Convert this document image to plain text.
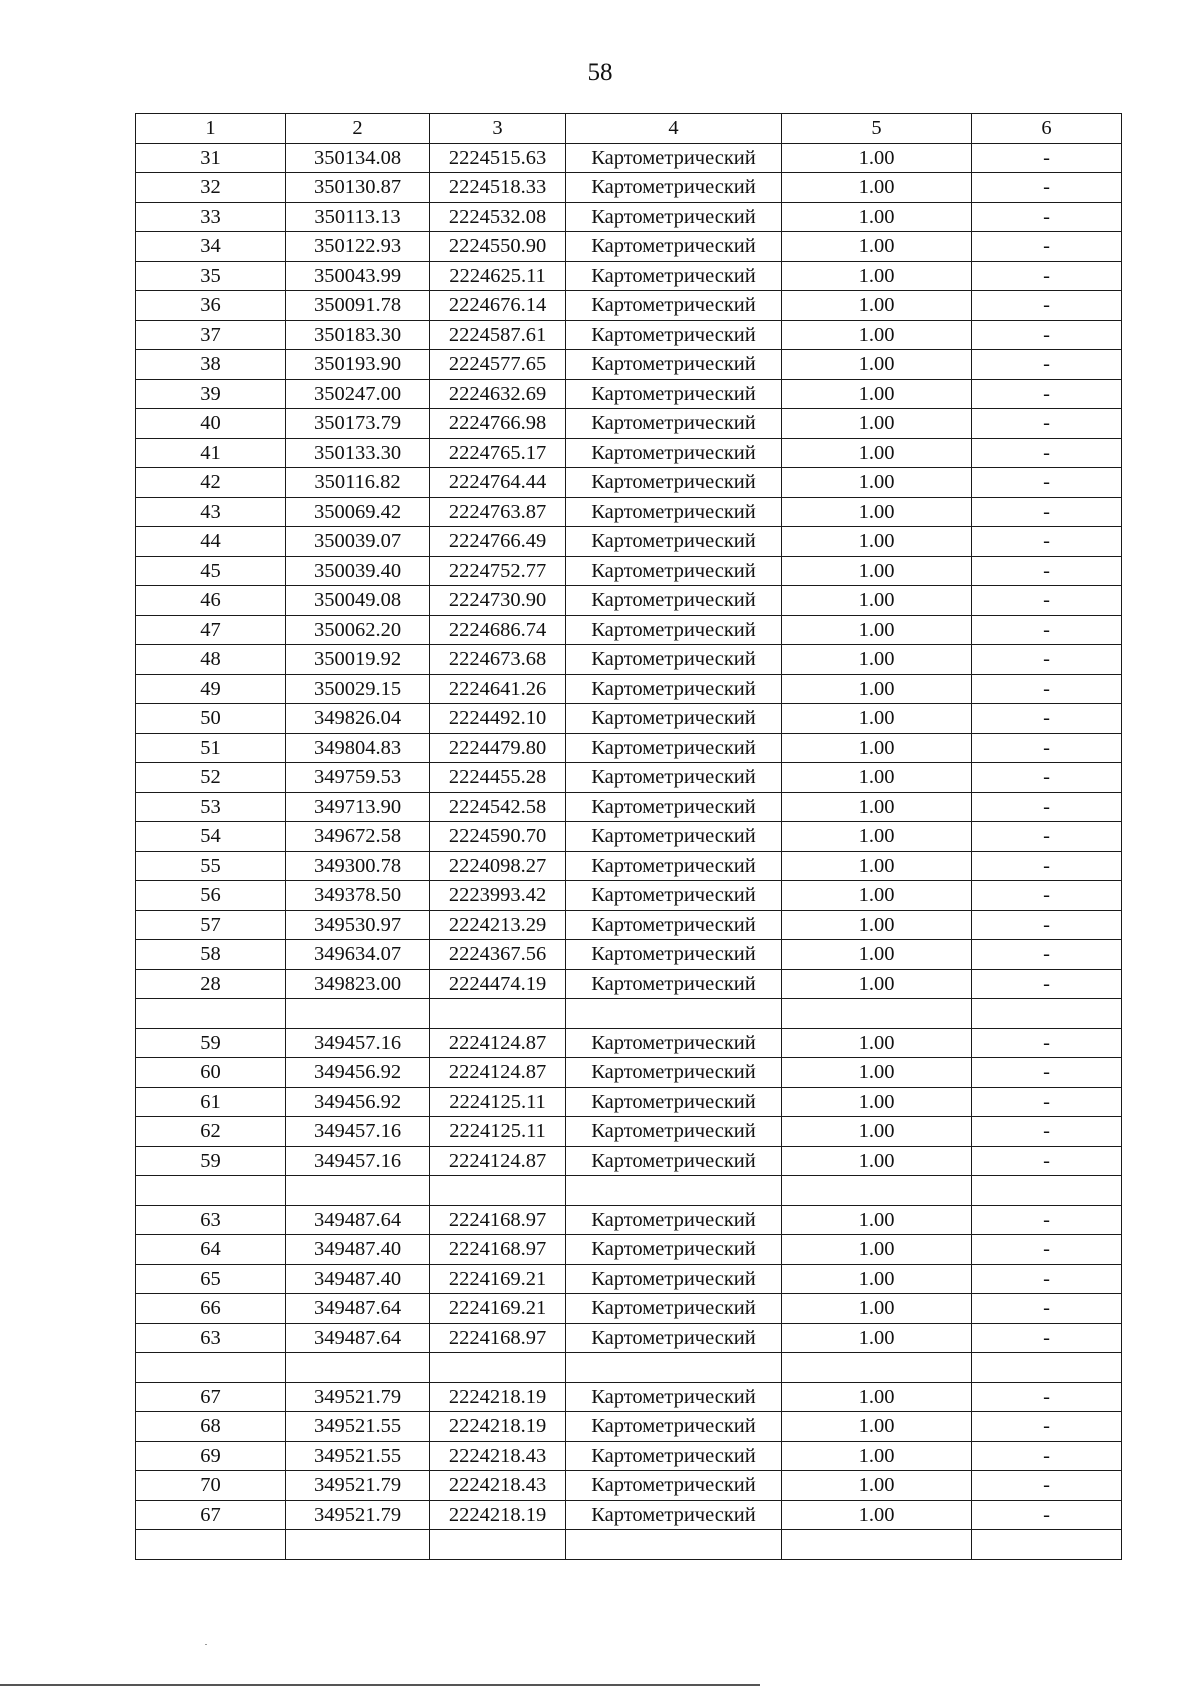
58
1	2	3	4	5	6
31	350134.08	2224515.63	Картометрический	1.00	-
32	350130.87	2224518.33	Картометрический	1.00	-
33	350113.13	2224532.08	Картометрический	1.00	-
34	350122.93	2224550.90	Картометрический	1.00	-
35	350043.99	2224625.11	Картометрический	1.00	-
36	350091.78	2224676.14	Картометрический	1.00	-
37	350183.30	2224587.61	Картометрический	1.00	-
38	350193.90	2224577.65	Картометрический	1.00	-
39	350247.00	2224632.69	Картометрический	1.00	-
40	350173.79	2224766.98	Картометрический	1.00	-
41	350133.30	2224765.17	Картометрический	1.00	-
42	350116.82	2224764.44	Картометрический	1.00	-
43	350069.42	2224763.87	Картометрический	1.00	-
44	350039.07	2224766.49	Картометрический	1.00	-
45	350039.40	2224752.77	Картометрический	1.00	-
46	350049.08	2224730.90	Картометрический	1.00	-
47	350062.20	2224686.74	Картометрический	1.00	-
48	350019.92	2224673.68	Картометрический	1.00	-
49	350029.15	2224641.26	Картометрический	1.00	-
50	349826.04	2224492.10	Картометрический	1.00	-
51	349804.83	2224479.80	Картометрический	1.00	-
52	349759.53	2224455.28	Картометрический	1.00	-
53	349713.90	2224542.58	Картометрический	1.00	-
54	349672.58	2224590.70	Картометрический	1.00	-
55	349300.78	2224098.27	Картометрический	1.00	-
56	349378.50	2223993.42	Картометрический	1.00	-
57	349530.97	2224213.29	Картометрический	1.00	-
58	349634.07	2224367.56	Картометрический	1.00	-
28	349823.00	2224474.19	Картометрический	1.00	-

59	349457.16	2224124.87	Картометрический	1.00	-
60	349456.92	2224124.87	Картометрический	1.00	-
61	349456.92	2224125.11	Картометрический	1.00	-
62	349457.16	2224125.11	Картометрический	1.00	-
59	349457.16	2224124.87	Картометрический	1.00	-

63	349487.64	2224168.97	Картометрический	1.00	-
64	349487.40	2224168.97	Картометрический	1.00	-
65	349487.40	2224169.21	Картометрический	1.00	-
66	349487.64	2224169.21	Картометрический	1.00	-
63	349487.64	2224168.97	Картометрический	1.00	-

67	349521.79	2224218.19	Картометрический	1.00	-
68	349521.55	2224218.19	Картометрический	1.00	-
69	349521.55	2224218.43	Картометрический	1.00	-
70	349521.79	2224218.43	Картометрический	1.00	-
67	349521.79	2224218.19	Картометрический	1.00	-
